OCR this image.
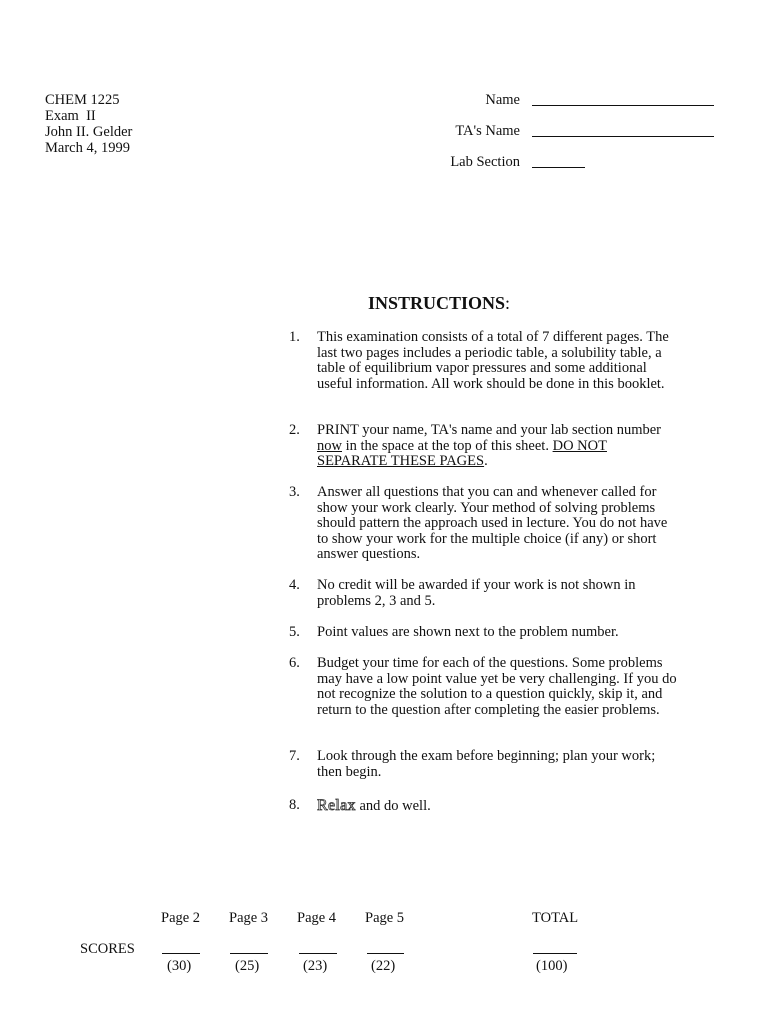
CHEM 1225
Exam  II
John II. Gelder
March 4, 1999
Name
TA's Name
Lab Section
INSTRUCTIONS:
1.	This examination consists of a total of 7 different pages. The last two pages includes a periodic table, a solubility table, a table of equilibrium vapor pressures and some additional useful information. All work should be done in this booklet.
2.	PRINT your name, TA's name and your lab section number now in the space at the top of this sheet. DO NOT SEPARATE THESE PAGES.
3.	Answer all questions that you can and whenever called for show your work clearly. Your method of solving problems should pattern the approach used in lecture. You do not have to show your work for the multiple choice (if any) or short answer questions.
4.	No credit will be awarded if your work is not shown in problems 2, 3 and 5.
5.	Point values are shown next to the problem number.
6.	Budget your time for each of the questions. Some problems may have a low point value yet be very challenging. If you do not recognize the solution to a question quickly, skip it, and return to the question after completing the easier problems.
7.	Look through the exam before beginning; plan your work; then begin.
8.	Relax and do well.
Page 2 Page 3 Page 4 Page 5	TOTAL
SCORES
(30)	(25)	(23)	(22)	(100)
